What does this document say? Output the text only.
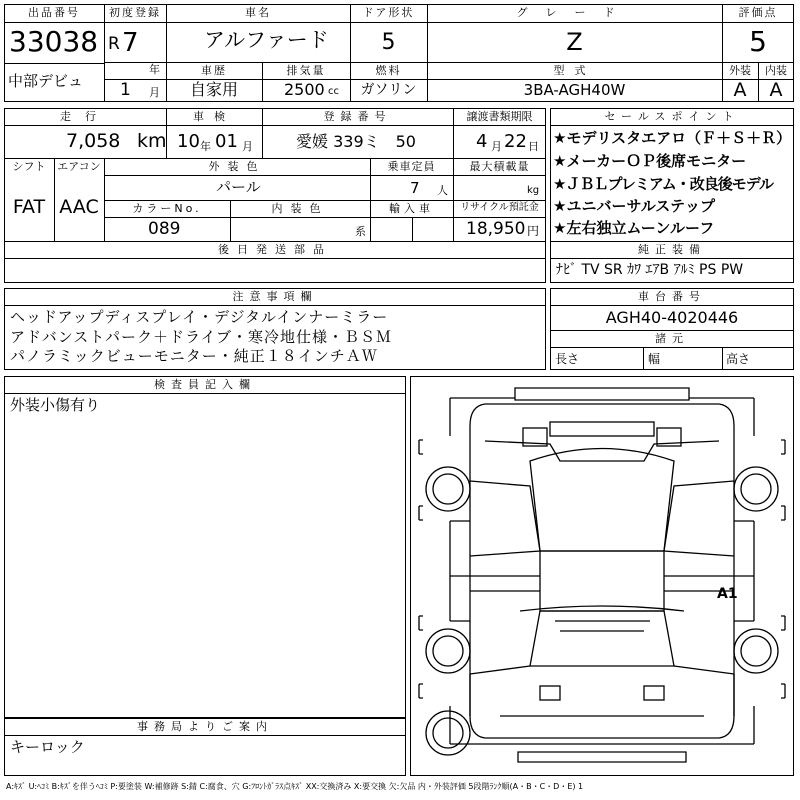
出品番号
33038
中部デビュ
初度登録
R 7
年
1 月
車名
アルファード
ドア形状
5
グレード
Z
評価点
5
車歴
自家用
排気量
2500 cc
燃料
ガソリン
型式
3BA-AGH40W
外装	内装
A	A
走行
7,058 km
車検
10 年 01 月
登録番号
愛媛 339ミ　50
譲渡書類期限
4 月 22 日
シフト
FAT
エアコン
AAC
外装色
パール
乗車定員
7 人
最大積載量
kg
カラーNo.
089
内装色
系
輸入車	リサイクル預託金
18,950 円
後日発送部品
セールスポイント
★モデリスタエアロ（Ｆ＋Ｓ＋Ｒ）
★メーカーＯＰ後席モニター
★ＪＢＬプレミアム・改良後モデル
★ユニバーサルステップ
★左右独立ムーンルーフ
純正装備
ﾅﾋﾞ TV SR ｶﾜ ｴｱB ｱﾙﾐ PS PW
注意事項欄
ヘッドアップディスプレイ・デジタルインナーミラー
アドバンストパーク＋ドライブ・寒冷地仕様・ＢＳＭ
パノラミックビューモニター・純正１８インチＡＷ
車台番号
AGH40-4020446
諸元
長さ	幅	高さ
検査員記入欄
外装小傷有り
事務局よりご案内
キーロック
A1
A:ｷｽﾞ U:ﾍｺﾐ B:ｷｽﾞを伴うﾍｺﾐ P:要塗装 W:補修跡 S:錆 C:腐食、穴 G:ﾌﾛﾝﾄｶﾞﾗｽ点ｷｽﾞ XX:交換済み X:要交換 欠:欠品 内・外装評価 5段階ﾗﾝｸ順(A・B・C・D・E) 1
